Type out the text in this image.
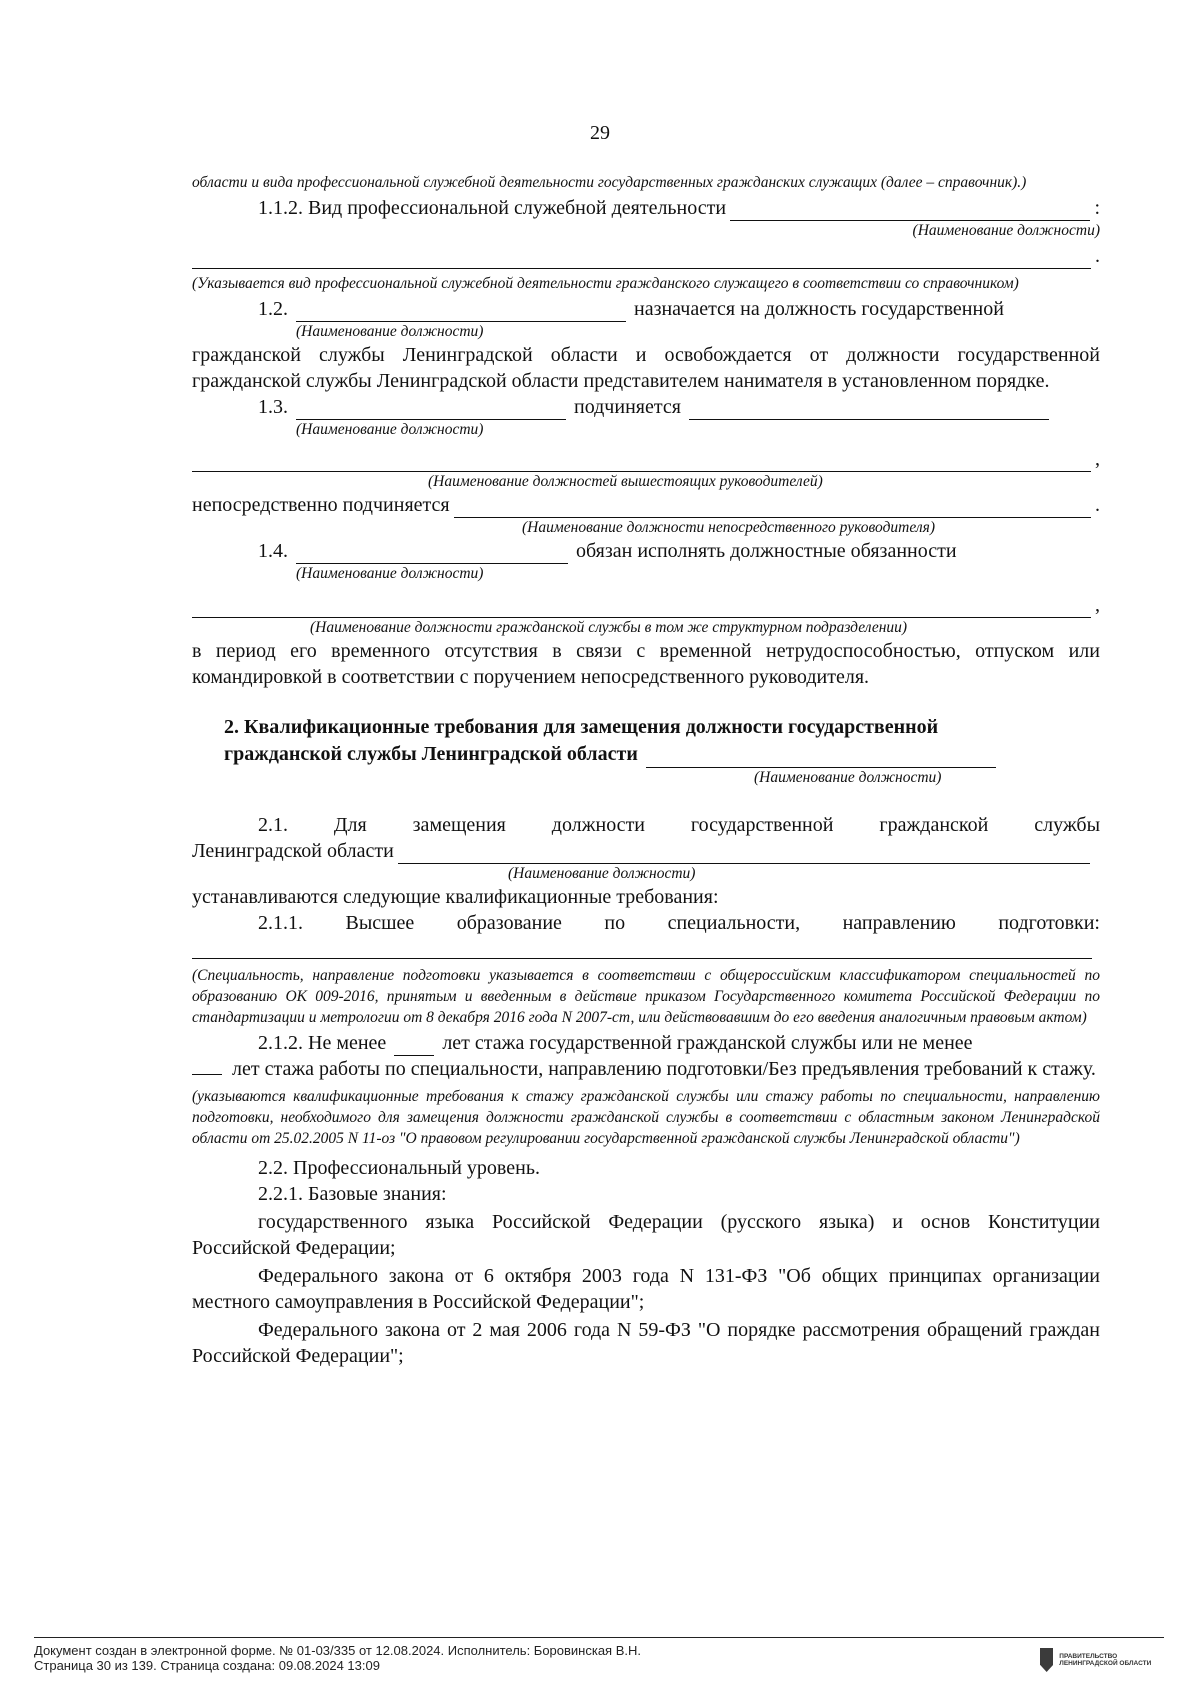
29

области и вида профессиональной служебной деятельности государственных гражданских служащих (далее – справочник).)

1.1.2. Вид профессиональной служебной деятельности	:

(Наименование должности)

.

(Указывается вид профессиональной служебной деятельности гражданского служащего в соответствии со справочником)

1.2.	назначается на должность государственной

(Наименование должности)

гражданской службы Ленинградской области и освобождается от должности государственной гражданской службы Ленинградской области представителем нанимателя в установленном порядке.

1.3.	подчиняется

(Наименование должности)

,

(Наименование должностей вышестоящих руководителей)

непосредственно подчиняется	.

(Наименование должности непосредственного руководителя)

1.4.	обязан исполнять должностные обязанности

(Наименование должности)

,

(Наименование должности гражданской службы в том же структурном подразделении)

в период его временного отсутствия в связи с временной нетрудоспособностью, отпуском или командировкой в соответствии с поручением непосредственного руководителя.

2. Квалификационные требования для замещения должности государственной

гражданской службы Ленинградской области

(Наименование должности)

2.1. Для замещения должности государственной гражданской службы

Ленинградской области

(Наименование должности)

устанавливаются следующие квалификационные требования:

2.1.1. Высшее образование по специальности, направлению подготовки:

(Специальность, направление подготовки указывается в соответствии с общероссийским классификатором специальностей по образованию ОК 009-2016, принятым и введенным в действие приказом Государственного комитета Российской Федерации по стандартизации и метрологии от 8 декабря 2016 года N 2007-ст, или действовавшим до его введения аналогичным правовым актом)

2.1.2. Не менее	лет стажа государственной гражданской службы или не менее

лет стажа работы по специальности, направлению подготовки/Без предъявления требований к стажу.

(указываются квалификационные требования к стажу гражданской службы или стажу работы по специальности, направлению подготовки, необходимого для замещения должности гражданской службы в соответствии с областным законом Ленинградской области от 25.02.2005 N 11-оз "О правовом регулировании государственной гражданской службы Ленинградской области")

2.2. Профессиональный уровень.

2.2.1. Базовые знания:

государственного языка Российской Федерации (русского языка) и основ Конституции Российской Федерации;

Федерального закона от 6 октября 2003 года N 131-ФЗ "Об общих принципах организации местного самоуправления в Российской Федерации";

Федерального закона от 2 мая 2006 года N 59-ФЗ "О порядке рассмотрения обращений граждан Российской Федерации";

Документ создан в электронной форме. № 01-03/335 от 12.08.2024. Исполнитель: Боровинская В.Н.
Страница 30 из 139. Страница создана: 09.08.2024 13:09
ПРАВИТЕЛЬСТВО ЛЕНИНГРАДСКОЙ ОБЛАСТИ
